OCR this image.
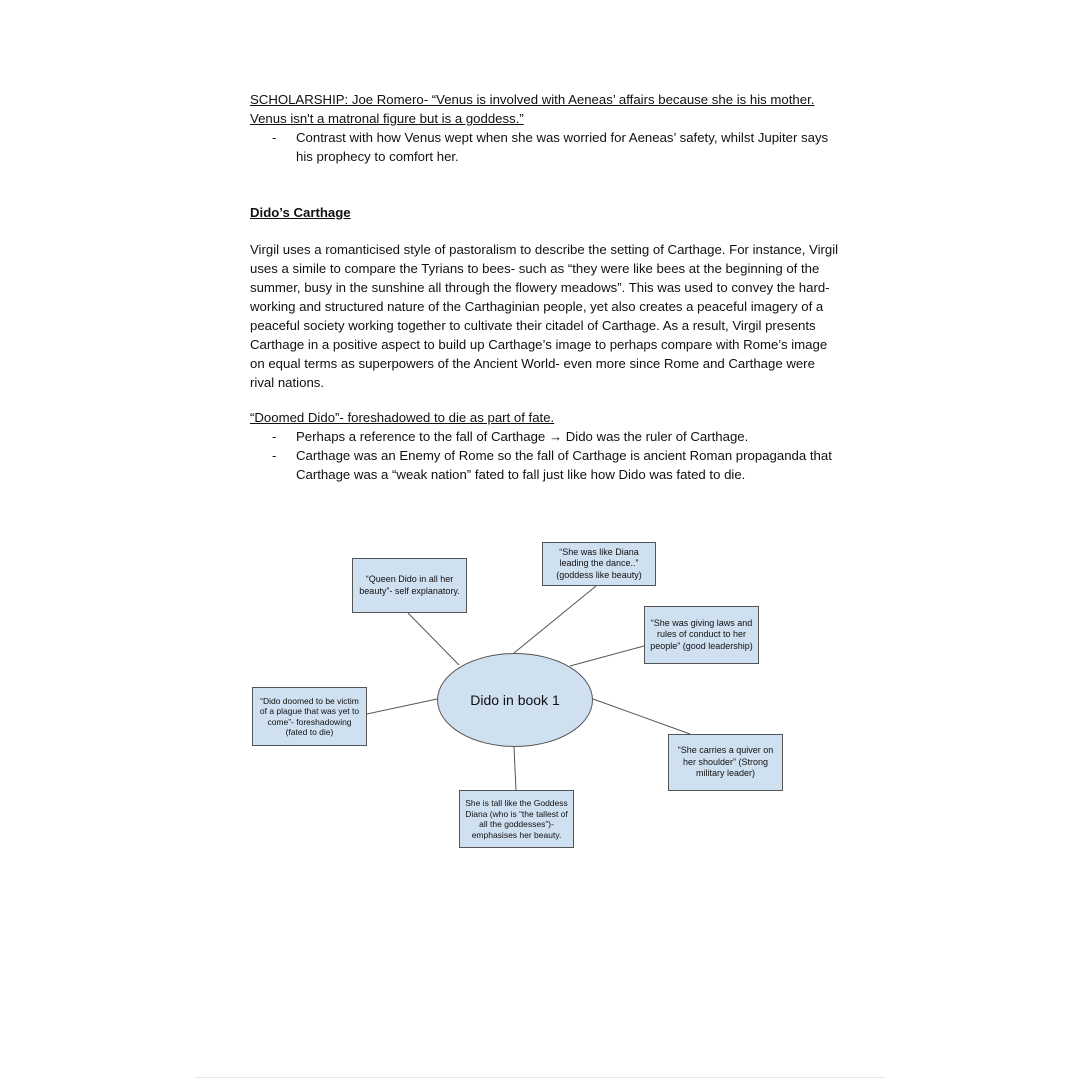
SCHOLARSHIP: Joe Romero- “Venus is involved with Aeneas’ affairs because she is his mother. Venus isn't a matronal figure but is a goddess.”
- Contrast with how Venus wept when she was worried for Aeneas’ safety, whilst Jupiter says his prophecy to comfort her.
Dido’s Carthage
Virgil uses a romanticised style of pastoralism to describe the setting of Carthage. For instance, Virgil uses a simile to compare the Tyrians to bees- such as “they were like bees at the beginning of the summer, busy in the sunshine all through the flowery meadows”. This was used to convey the hard-working and structured nature of the Carthaginian people, yet also creates a peaceful imagery of a peaceful society working together to cultivate their citadel of Carthage. As a result, Virgil presents Carthage in a positive aspect to build up Carthage’s image to perhaps compare with Rome’s image on equal terms as superpowers of the Ancient World- even more since Rome and Carthage were rival nations.
“Doomed Dido”- foreshadowed to die as part of fate.
- Perhaps a reference to the fall of Carthage → Dido was the ruler of Carthage.
- Carthage was an Enemy of Rome so the fall of Carthage is ancient Roman propaganda that Carthage was a “weak nation” fated to fall just like how Dido was fated to die.
Dido in book 1
“Queen Dido in all her beauty”- self explanatory.
“She was like Diana leading the dance..” (goddess like beauty)
“She was giving laws and rules of conduct to her people” (good leadership)
“She carries a quiver on her shoulder” (Strong military leader)
She is tall like the Goddess Diana (who is “the tallest of all the goddesses”)- emphasises her beauty.
“Dido doomed to be victim of a plague that was yet to come”- foreshadowing (fated to die)
